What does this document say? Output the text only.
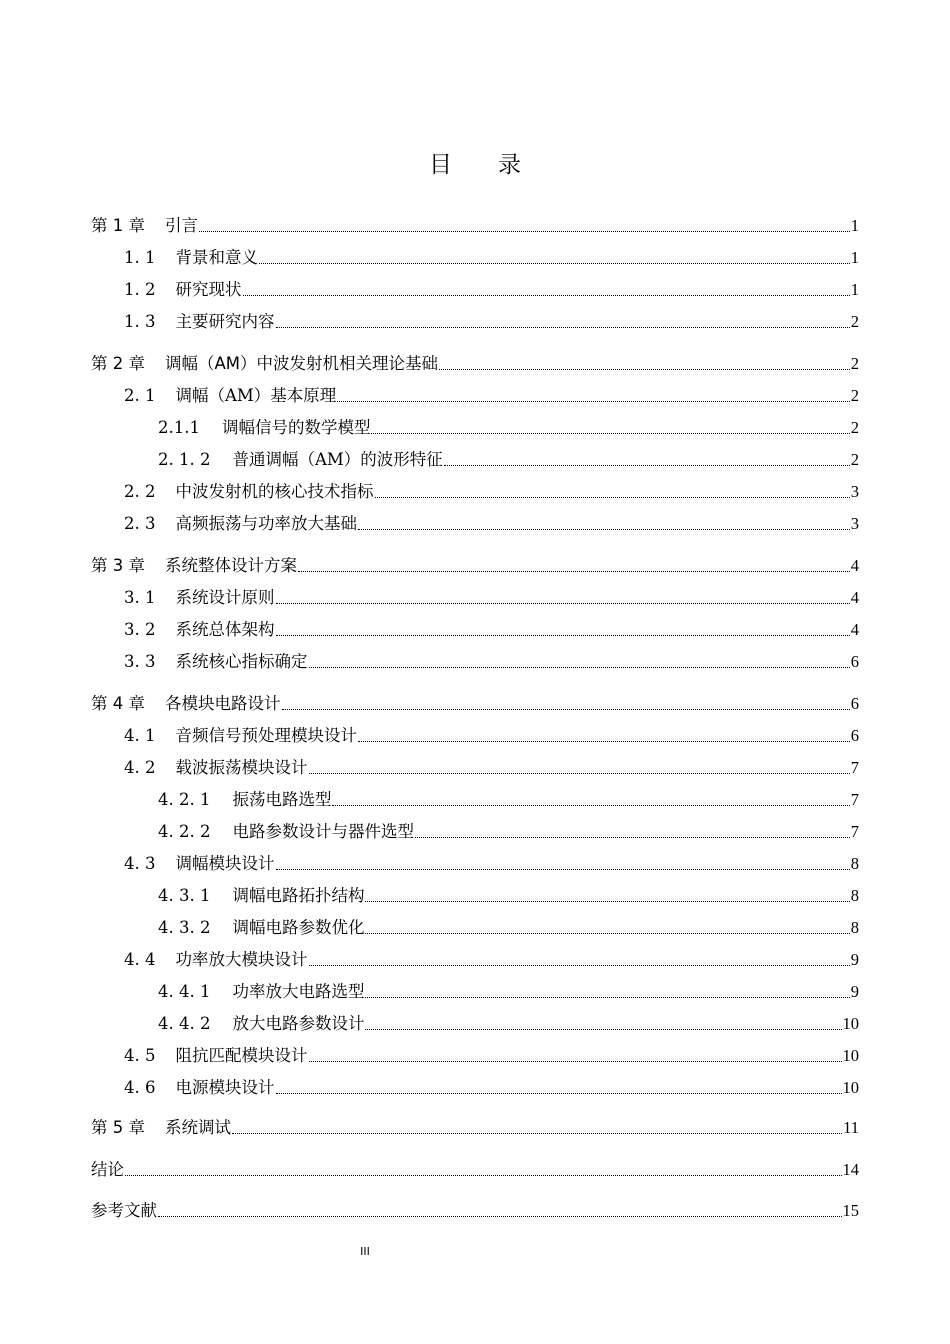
目 录
第 1 章 引言	1
1. 1 背景和意义	1
1. 2 研究现状	1
1. 3 主要研究内容	2
第 2 章 调幅（AM）中波发射机相关理论基础	2
2. 1 调幅（AM）基本原理	2
2.1.1 调幅信号的数学模型	2
2. 1. 2 普通调幅（AM）的波形特征	2
2. 2 中波发射机的核心技术指标	3
2. 3 高频振荡与功率放大基础	3
第 3 章 系统整体设计方案	4
3. 1 系统设计原则	4
3. 2 系统总体架构	4
3. 3 系统核心指标确定	6
第 4 章 各模块电路设计	6
4. 1 音频信号预处理模块设计	6
4. 2 载波振荡模块设计	7
4. 2. 1 振荡电路选型	7
4. 2. 2 电路参数设计与器件选型	7
4. 3 调幅模块设计	8
4. 3. 1 调幅电路拓扑结构	8
4. 3. 2 调幅电路参数优化	8
4. 4 功率放大模块设计	9
4. 4. 1 功率放大电路选型	9
4. 4. 2 放大电路参数设计	10
4. 5 阻抗匹配模块设计	10
4. 6 电源模块设计	10
第 5 章 系统调试	11
结论	14
参考文献	15
III
